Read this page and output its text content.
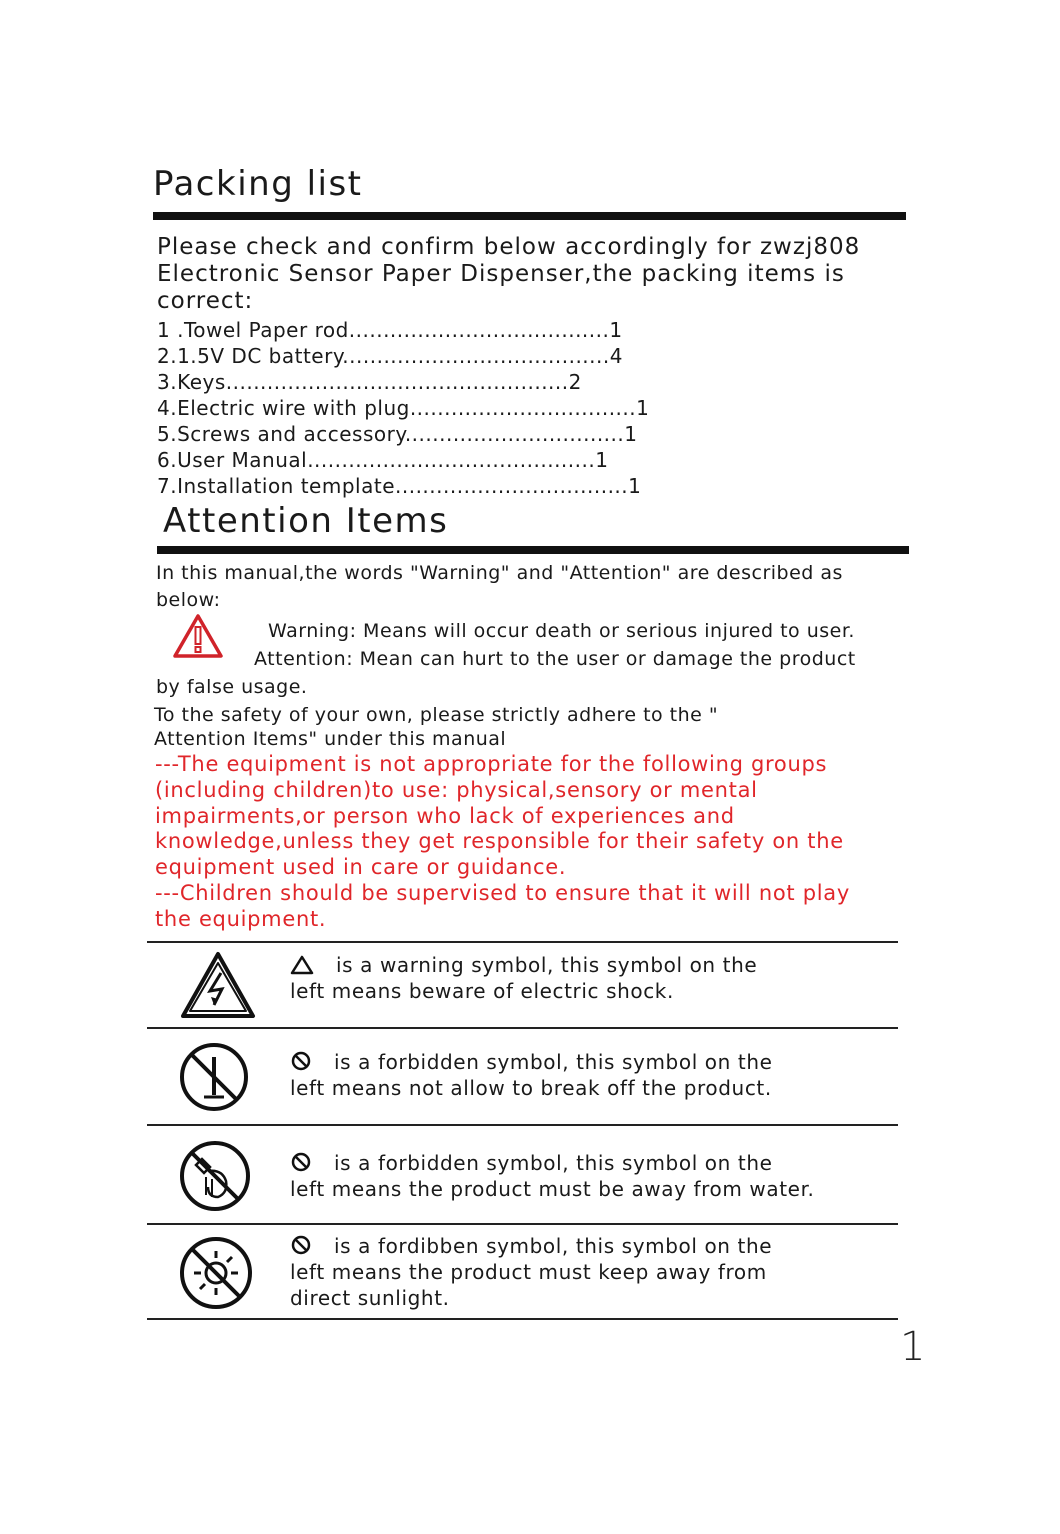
Packing list
Please check and confirm below accordingly for zwzj808
Electronic Sensor Paper Dispenser,the packing items is
correct:
1 .Towel Paper rod......................................1
2.1.5V DC battery.......................................4
3.Keys..................................................2
4.Electric wire with plug.................................1
5.Screws and accessory................................1
6.User Manual..........................................1
7.Installation template..................................1
Attention Items
In this manual,the words "Warning" and "Attention" are described as
below:
Warning: Means will occur death or serious injured to user.
Attention: Mean can hurt to the user or damage the product
by false usage.
To the safety of your own, please strictly adhere to the "
Attention Items" under this manual
---The equipment is not appropriate for the following groups
(including children)to use: physical,sensory or mental
impairments,or person who lack of experiences and
knowledge,unless they get responsible for their safety on the
equipment used in care or guidance.
---Children should be supervised to ensure that it will not play
the equipment.
is a warning symbol, this symbol on the
left means beware of electric shock.
is a forbidden symbol, this symbol on the
left means not allow to break off the product.
is a forbidden symbol, this symbol on the
left means the product must be away from water.
is a fordibben symbol, this symbol on the
left means the product must keep away from
direct sunlight.
1
